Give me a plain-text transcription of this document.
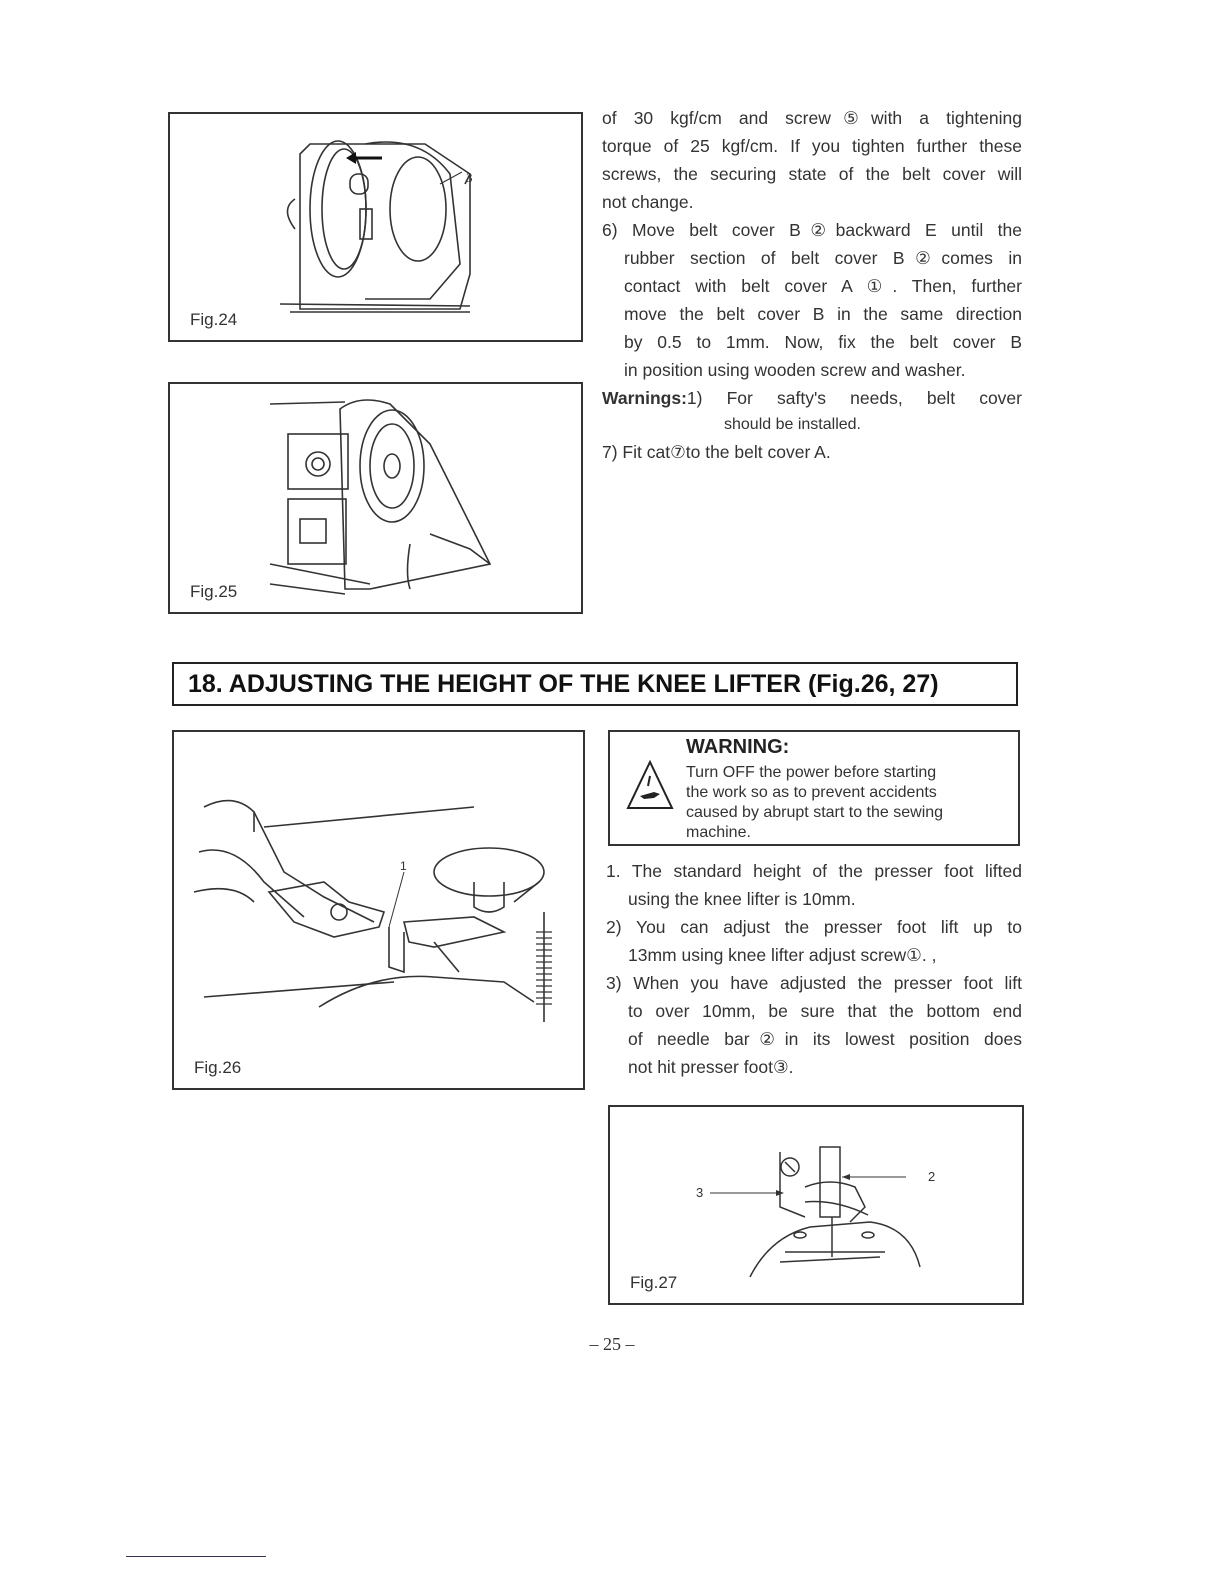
3
Fig.24
Fig.25

of 30 kgf/cm and screw⑤with a tightening

torque of 25 kgf/cm. If you tighten further these

screws, the securing state of the belt cover will

not change.

6) Move belt cover B②backward E until the

rubber section of belt cover B②comes in

contact with belt cover A ①. Then, further

move the belt cover B in the same direction

by 0.5 to 1mm. Now, fix the belt cover B

in position using wooden screw and washer.

Warnings:1) For safty's needs, belt cover

should be installed.

7) Fit cat⑦to the belt cover A.

18. ADJUSTING THE HEIGHT OF THE KNEE LIFTER (Fig.26, 27)
1
Fig.26
WARNING:
Turn OFF the power before starting
the work so as to prevent accidents
caused by abrupt start to the sewing
machine.

1. The standard height of the presser foot lifted

using the knee lifter is 10mm.

2) You can adjust the presser foot lift up to

13mm using knee lifter adjust screw①. ,

3) When you have adjusted the presser foot lift

to over 10mm, be sure that the bottom end

of needle bar②in its lowest position does

not hit presser foot③.

2
3
Fig.27
– 25 –
